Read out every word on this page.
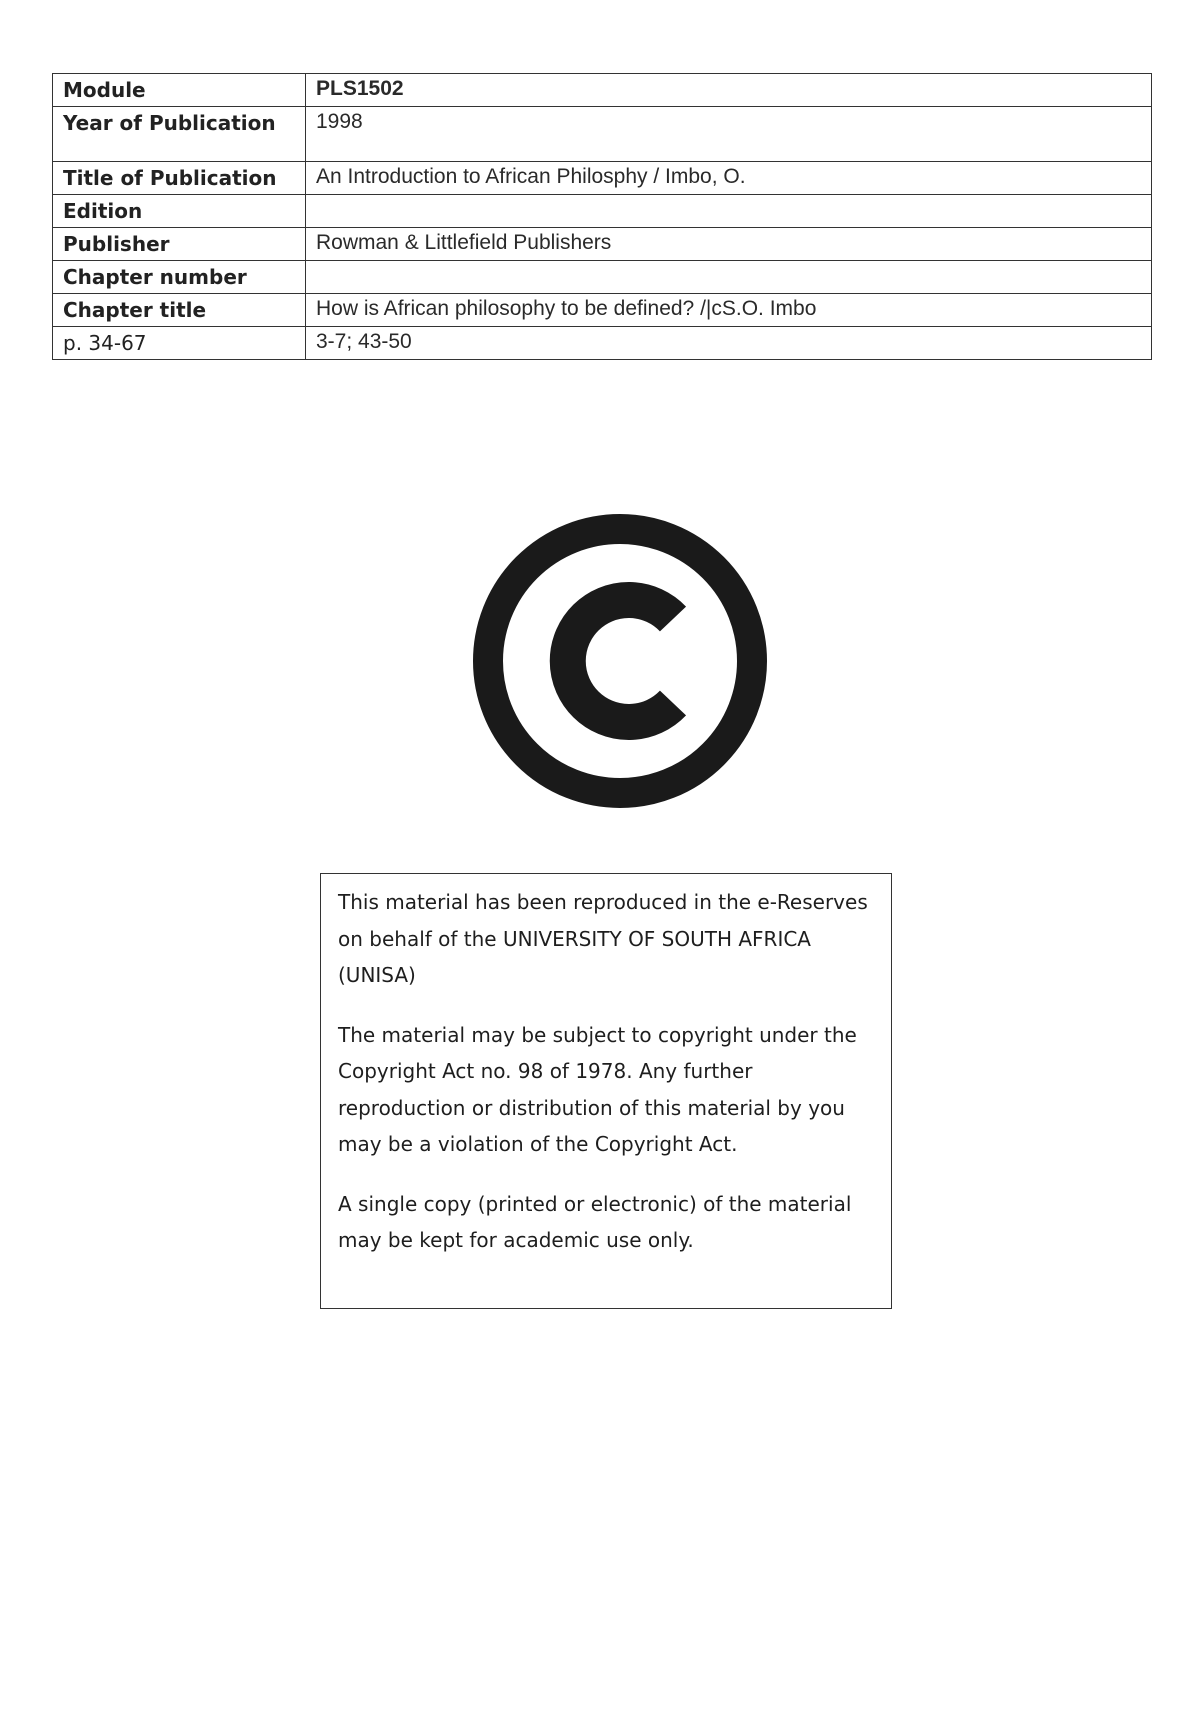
Module	PLS1502
Year of Publication	1998
Title of Publication	An Introduction to African Philosphy / Imbo, O.
Edition	
Publisher	Rowman & Littlefield Publishers
Chapter number	
Chapter title	How is African philosophy to be defined? /|cS.O. Imbo
p. 34-67	3-7; 43-50

This material has been reproduced in the e-Reserves on behalf of the UNIVERSITY OF SOUTH AFRICA (UNISA)

The material may be subject to copyright under the Copyright Act no. 98 of 1978. Any further reproduction or distribution of this material by you may be a violation of the Copyright Act.

A single copy (printed or electronic) of the material may be kept for academic use only.
